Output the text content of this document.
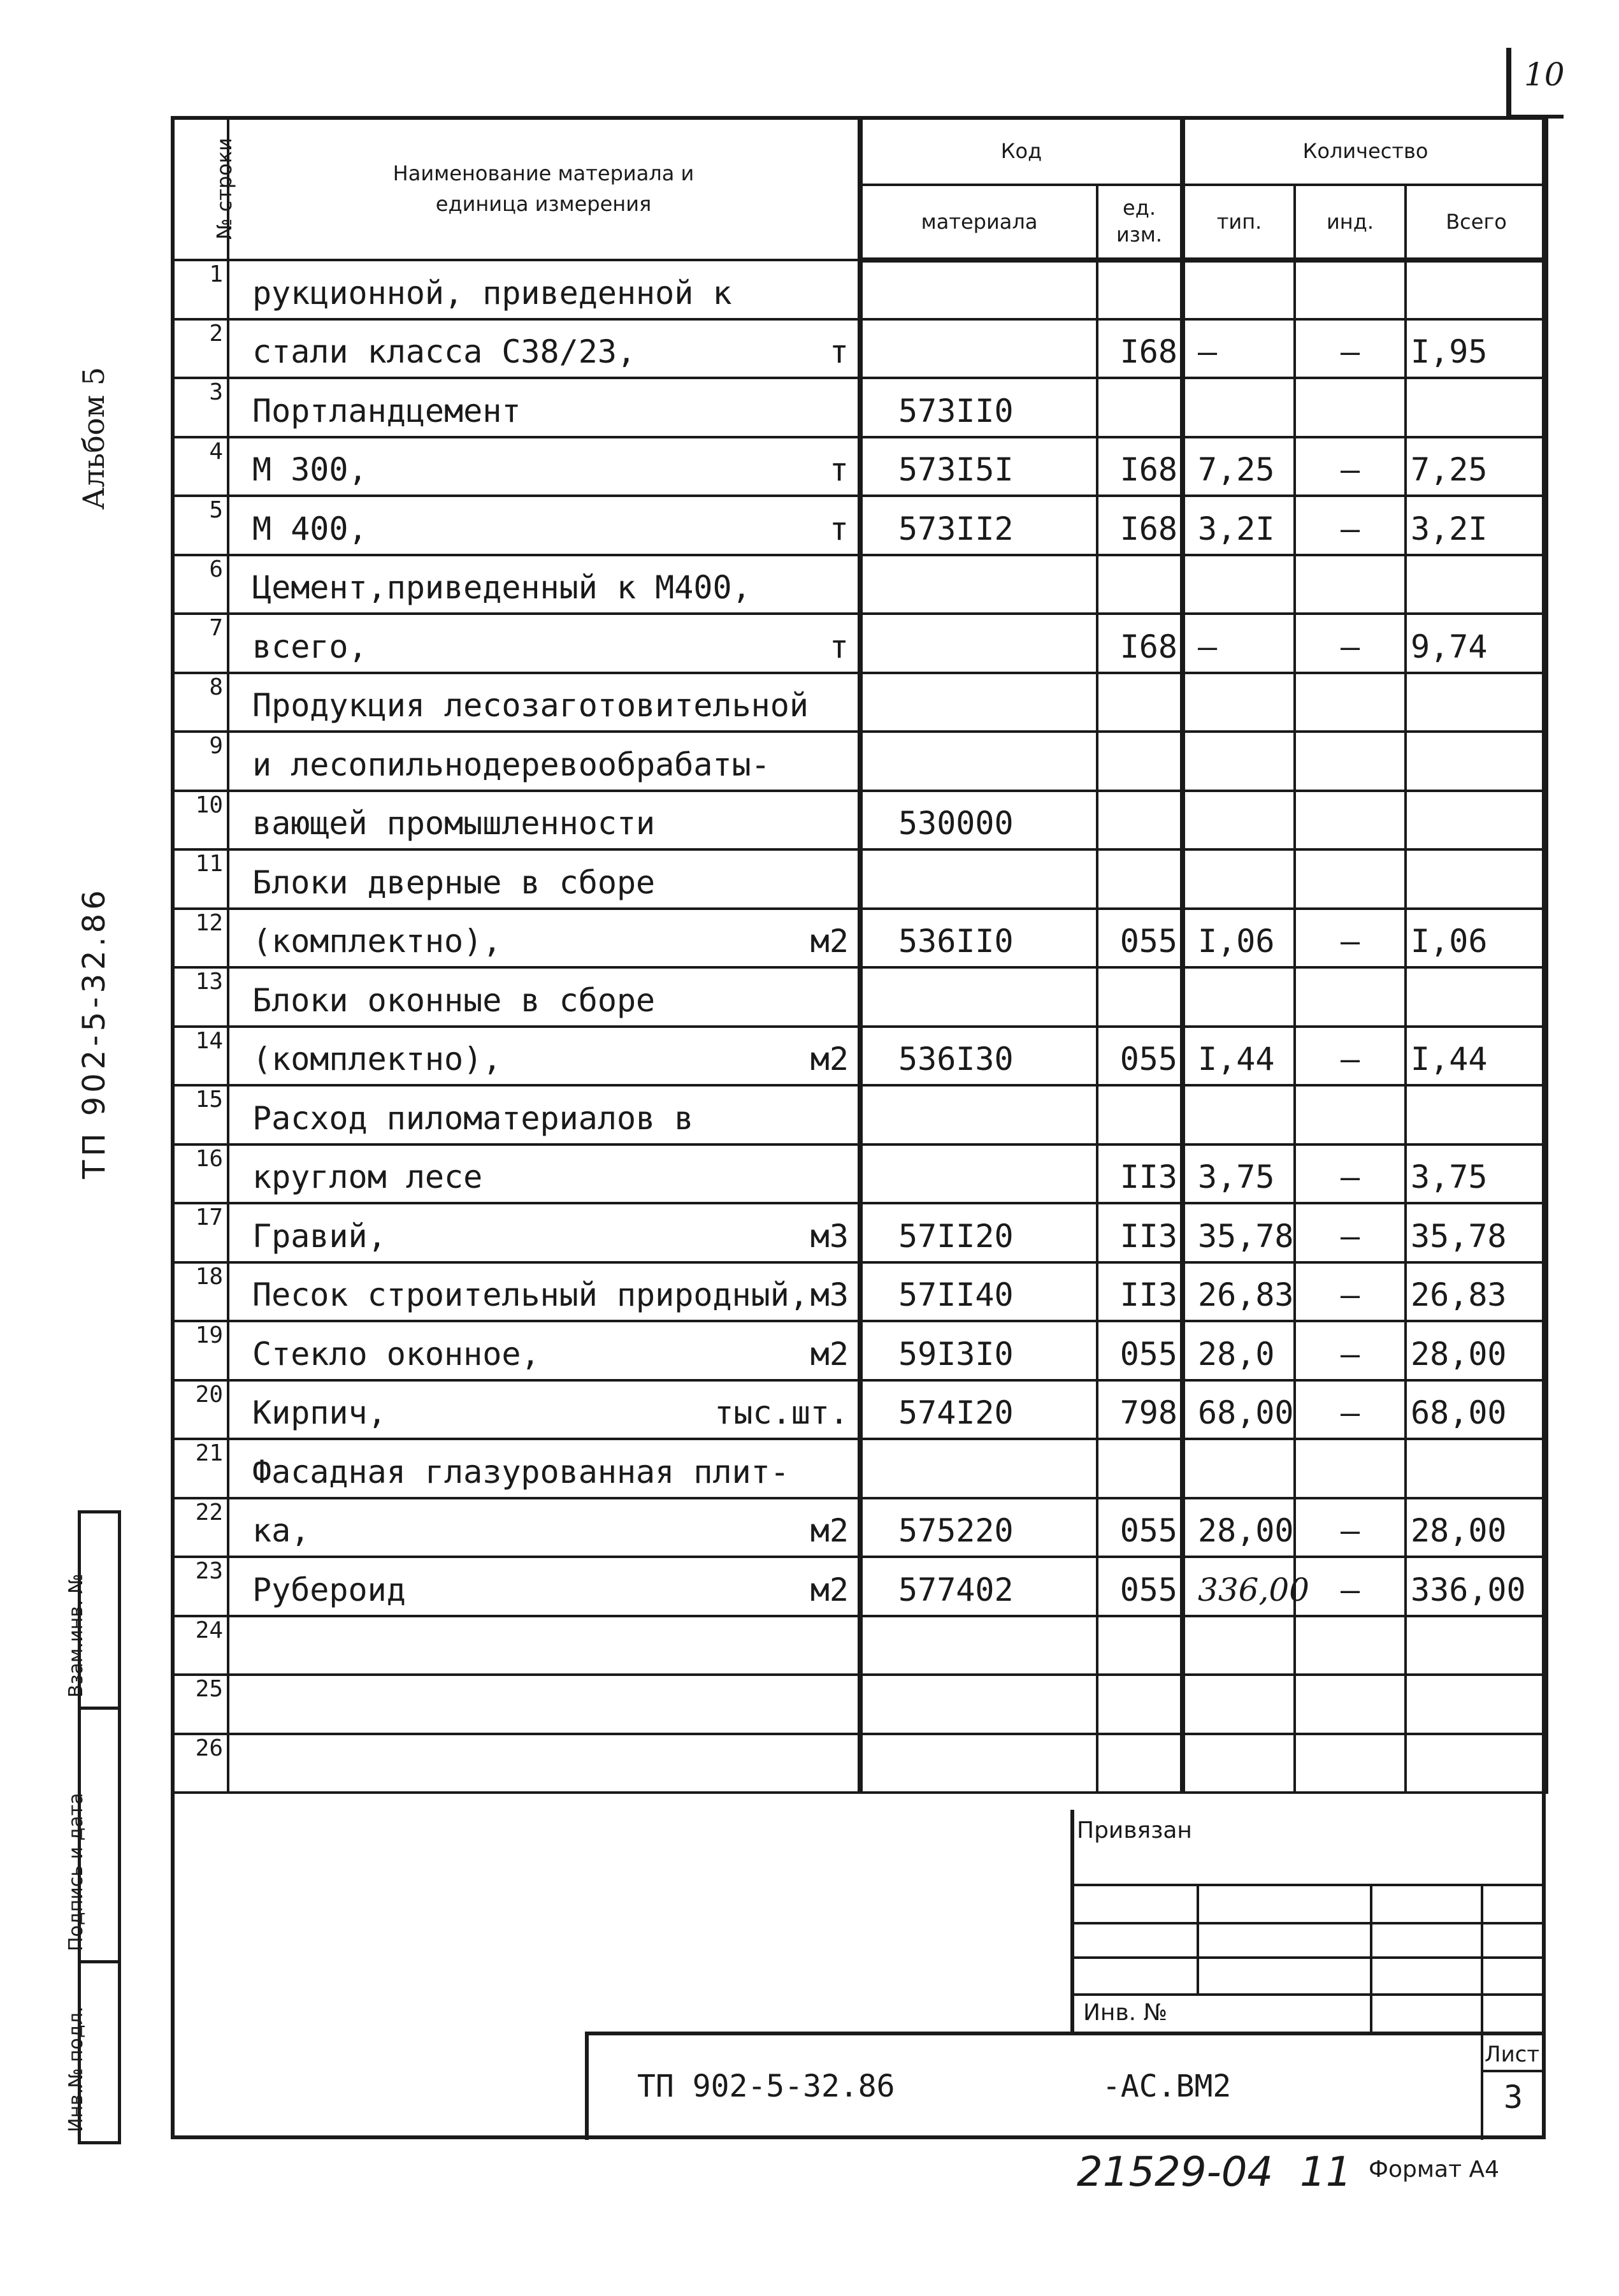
10
Альбом 5
ТП 902-5-32.86
Взам.инв. №
Подпись и дата
Инв.№ подл.
№ строки	Наименование материала и единица измерения	Код		Количество		
		материала	ед. изм.	тип.	инд.	Всего
1	рукционной, приведенной к					

2	стали класса С38/23, т		I68	–	–	I,95
3	Портландцемент	573II0				
4	М 300, т	573I5I	I68	7,25	–	7,25
5	М 400, т	573II2	I68	3,2I	–	3,2I
6	Цемент,приведенный к М400,					

7	всего, т		I68	–	–	9,74
8	Продукция лесозаготовительной					

9	и лесопильнодеревообрабаты-					

10	вающей промышленности	530000				
11	Блоки дверные в сборе					

12	(комплектно), м2	536II0	055	I,06	–	I,06
13	Блоки оконные в сборе					

14	(комплектно), м2	536I30	055	I,44	–	I,44
15	Расход пиломатериалов в					

16	круглом лесе		II3	3,75	–	3,75
17	Гравий, м3	57II20	II3	35,78	–	35,78
18	Песок строительный природный, м3	57II40	II3	26,83	–	26,83
19	Стекло оконное, м2	59I3I0	055	28,0	–	28,00
20	Кирпич, тыс.шт.	574I20	798	68,00	–	68,00
21	Фасадная глазурованная плит-					

22	ка, м2	575220	055	28,00	–	28,00
23	Рубероид м2	577402	055	336,00	–	336,00
24	

25	

26	

Привязан
Инв. №
ТП 902-5-32.86	-АС.ВМ2
Лист
3
21529-04 11 Формат А4
